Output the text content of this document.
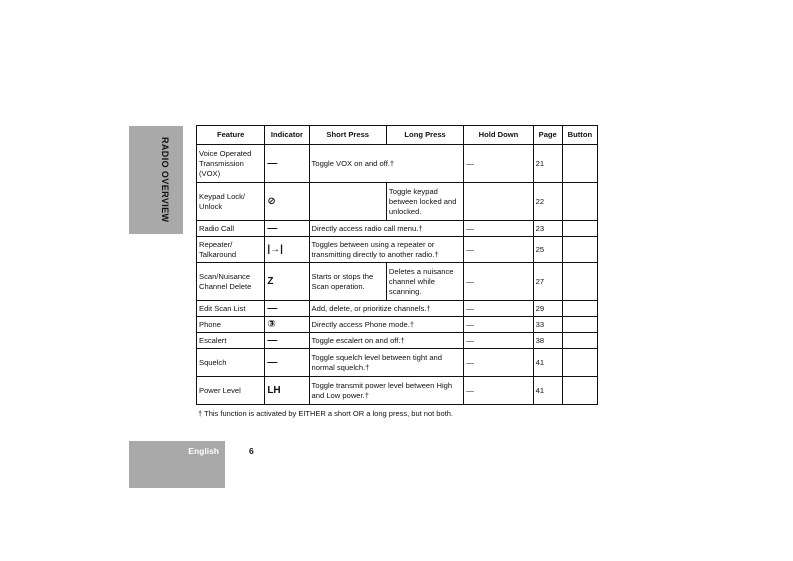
RADIO OVERVIEW
Feature	Indicator	Short Press	Long Press	Hold Down	Page	Button
Voice Operated Transmission (VOX)	—	Toggle VOX on and off.†		—	21	
Keypad Lock/ Unlock	⊘		Toggle keypad between locked and unlocked.		22	
Radio Call	—	Directly access radio call menu.†		—	23	
Repeater/ Talkaround	|→|	Toggles between using a repeater or transmitting directly to another radio.†		—	25	
Scan/Nuisance Channel Delete	Z	Starts or stops the Scan operation.	Deletes a nuisance channel while scanning.	—	27	
Edit Scan List	—	Add, delete, or prioritize channels.†		—	29	
Phone	③	Directly access Phone mode.†		—	33	
Escalert	—	Toggle escalert on and off.†		—	38	
Squelch	—	Toggle squelch level between tight and normal squelch.†		—	41	
Power Level	LH	Toggle transmit power level between High and Low power.†		—	41	
† This function is activated by EITHER a short OR a long press, but not both.
English	6
